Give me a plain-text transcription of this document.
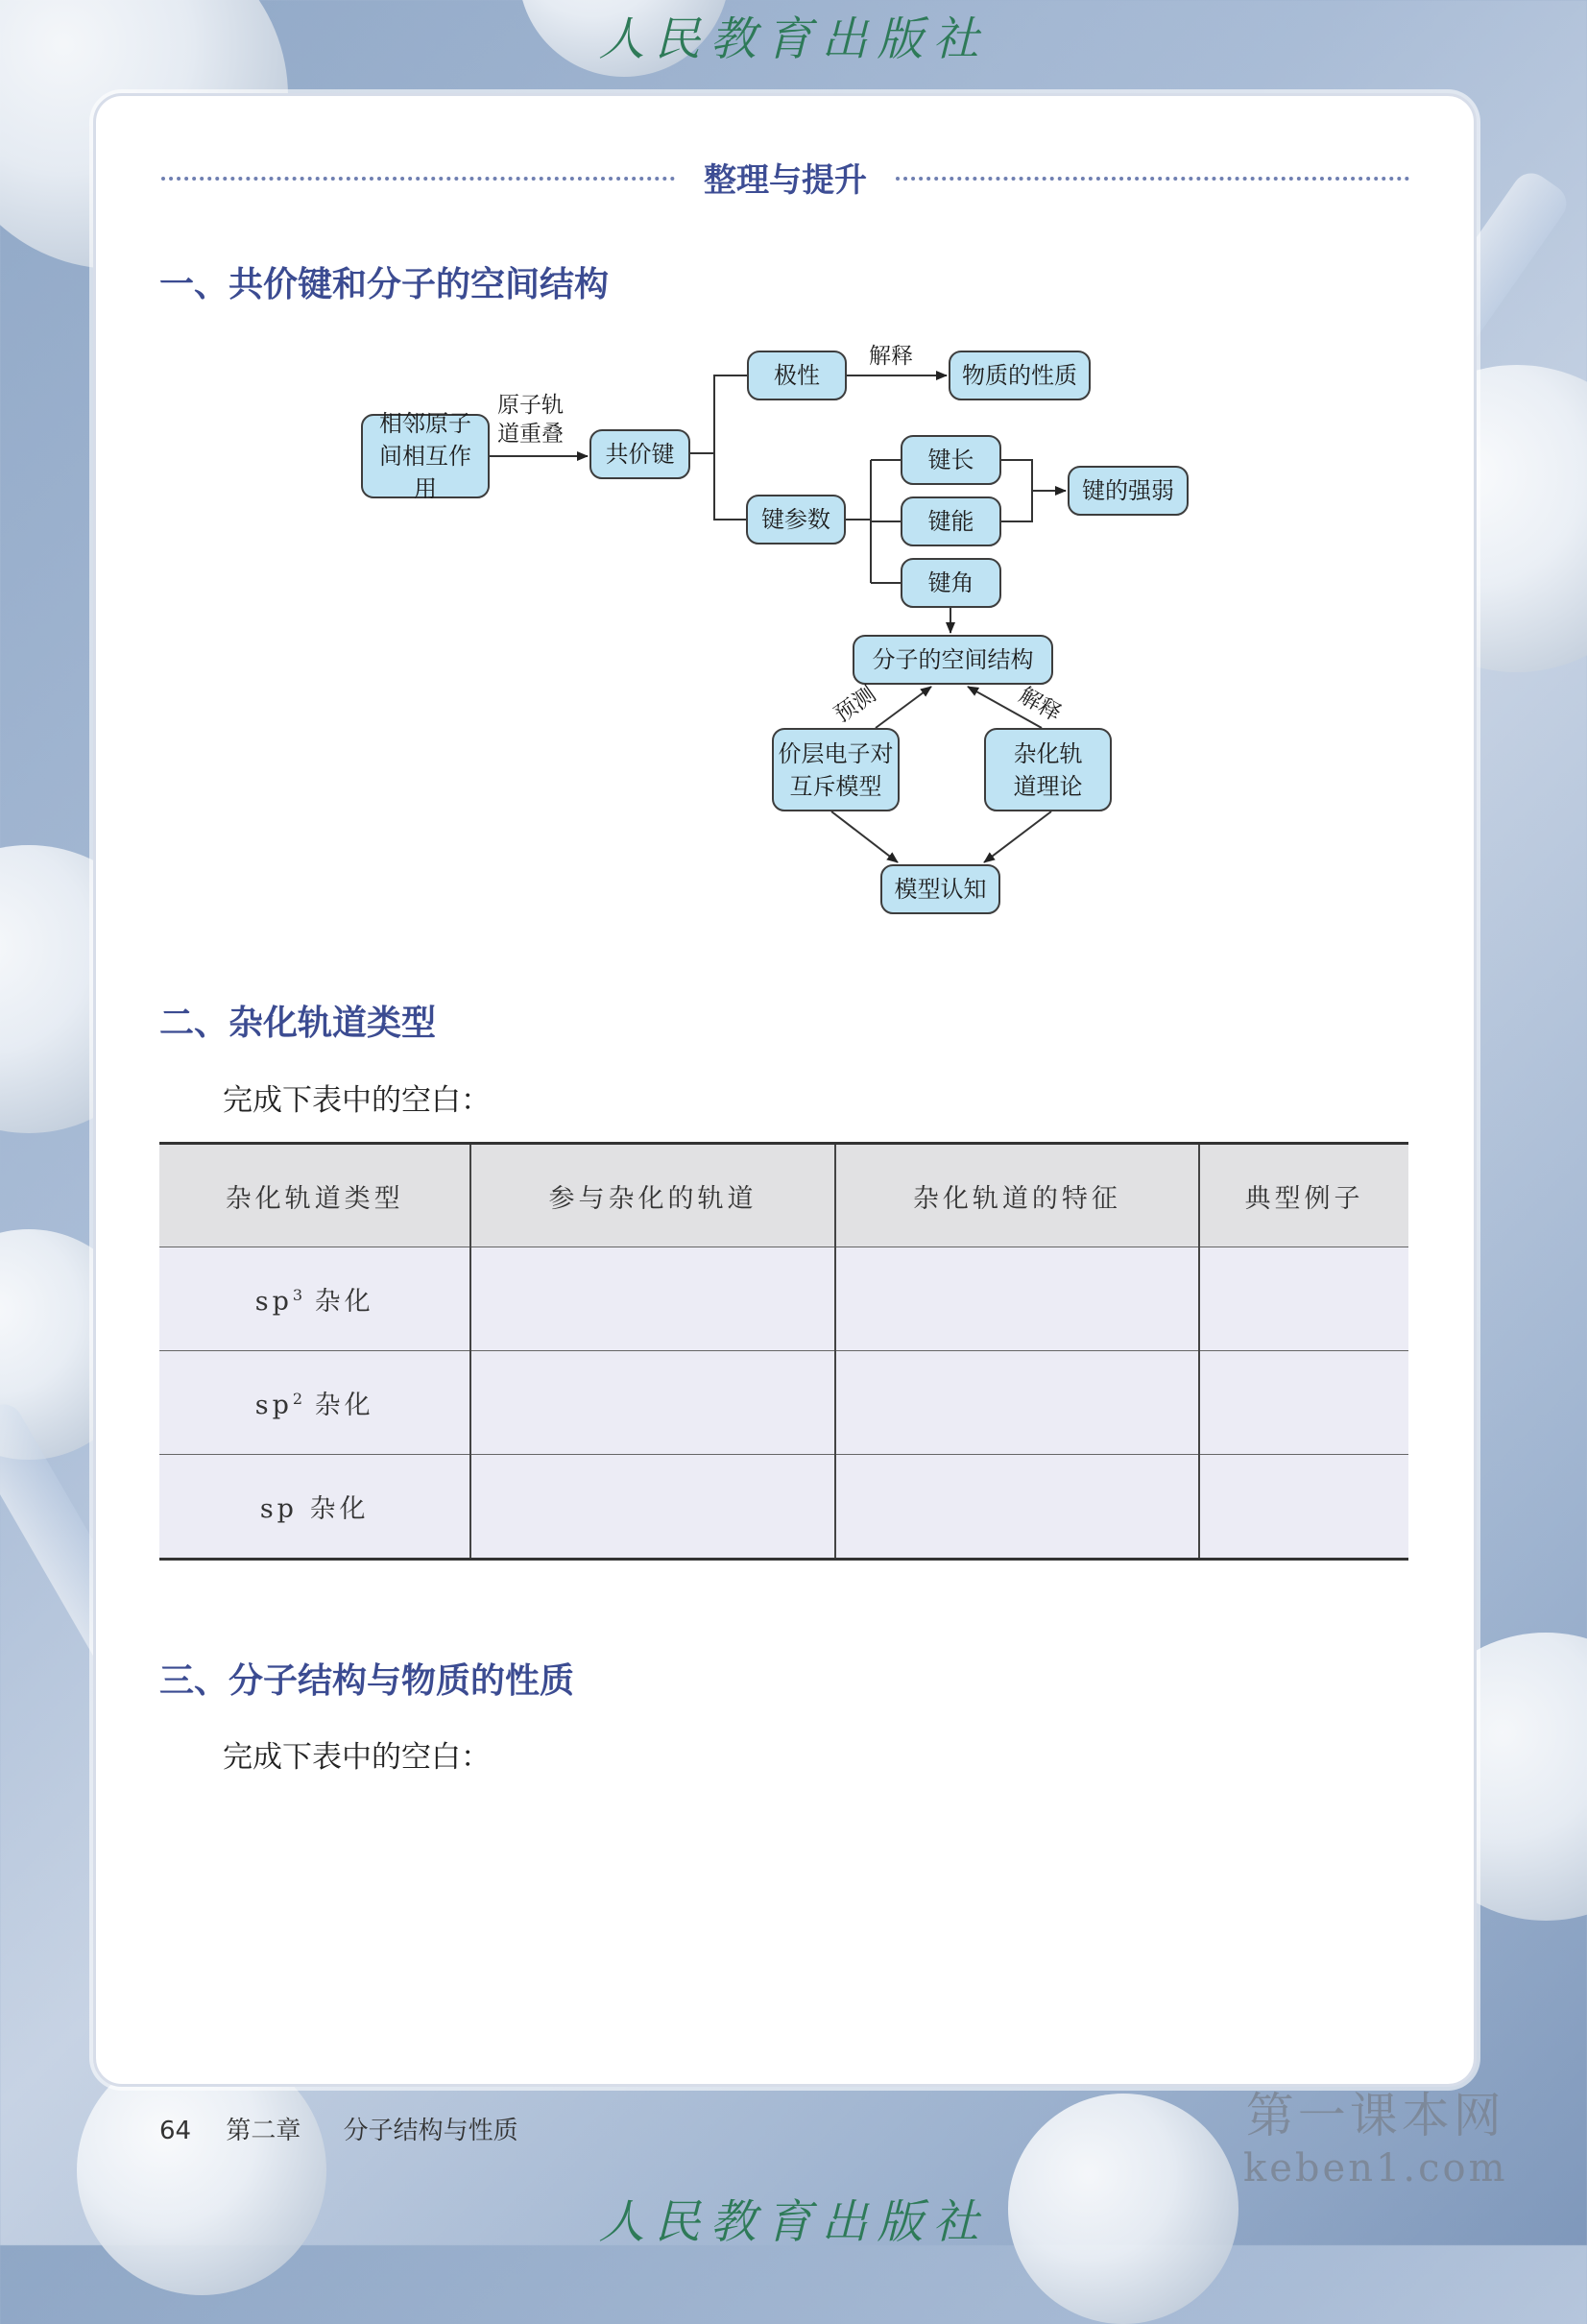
人民教育出版社
整理与提升
一、共价键和分子的空间结构
相邻原子间相互作用
原子轨道重叠
共价键
极性
解释
物质的性质
键参数
键长
键能
键角
键的强弱
分子的空间结构
预测	解释
价层电子对互斥模型
杂化轨道理论
模型认知
二、杂化轨道类型

完成下表中的空白：

杂化轨道类型	参与杂化的轨道	杂化轨道的特征	典型例子
$sp^3$ 杂化			
$sp^2$ 杂化			
sp 杂化			
三、分子结构与物质的性质

完成下表中的空白：

64 第二章 分子结构与性质	第一课本网
keben1.com
人民教育出版社
